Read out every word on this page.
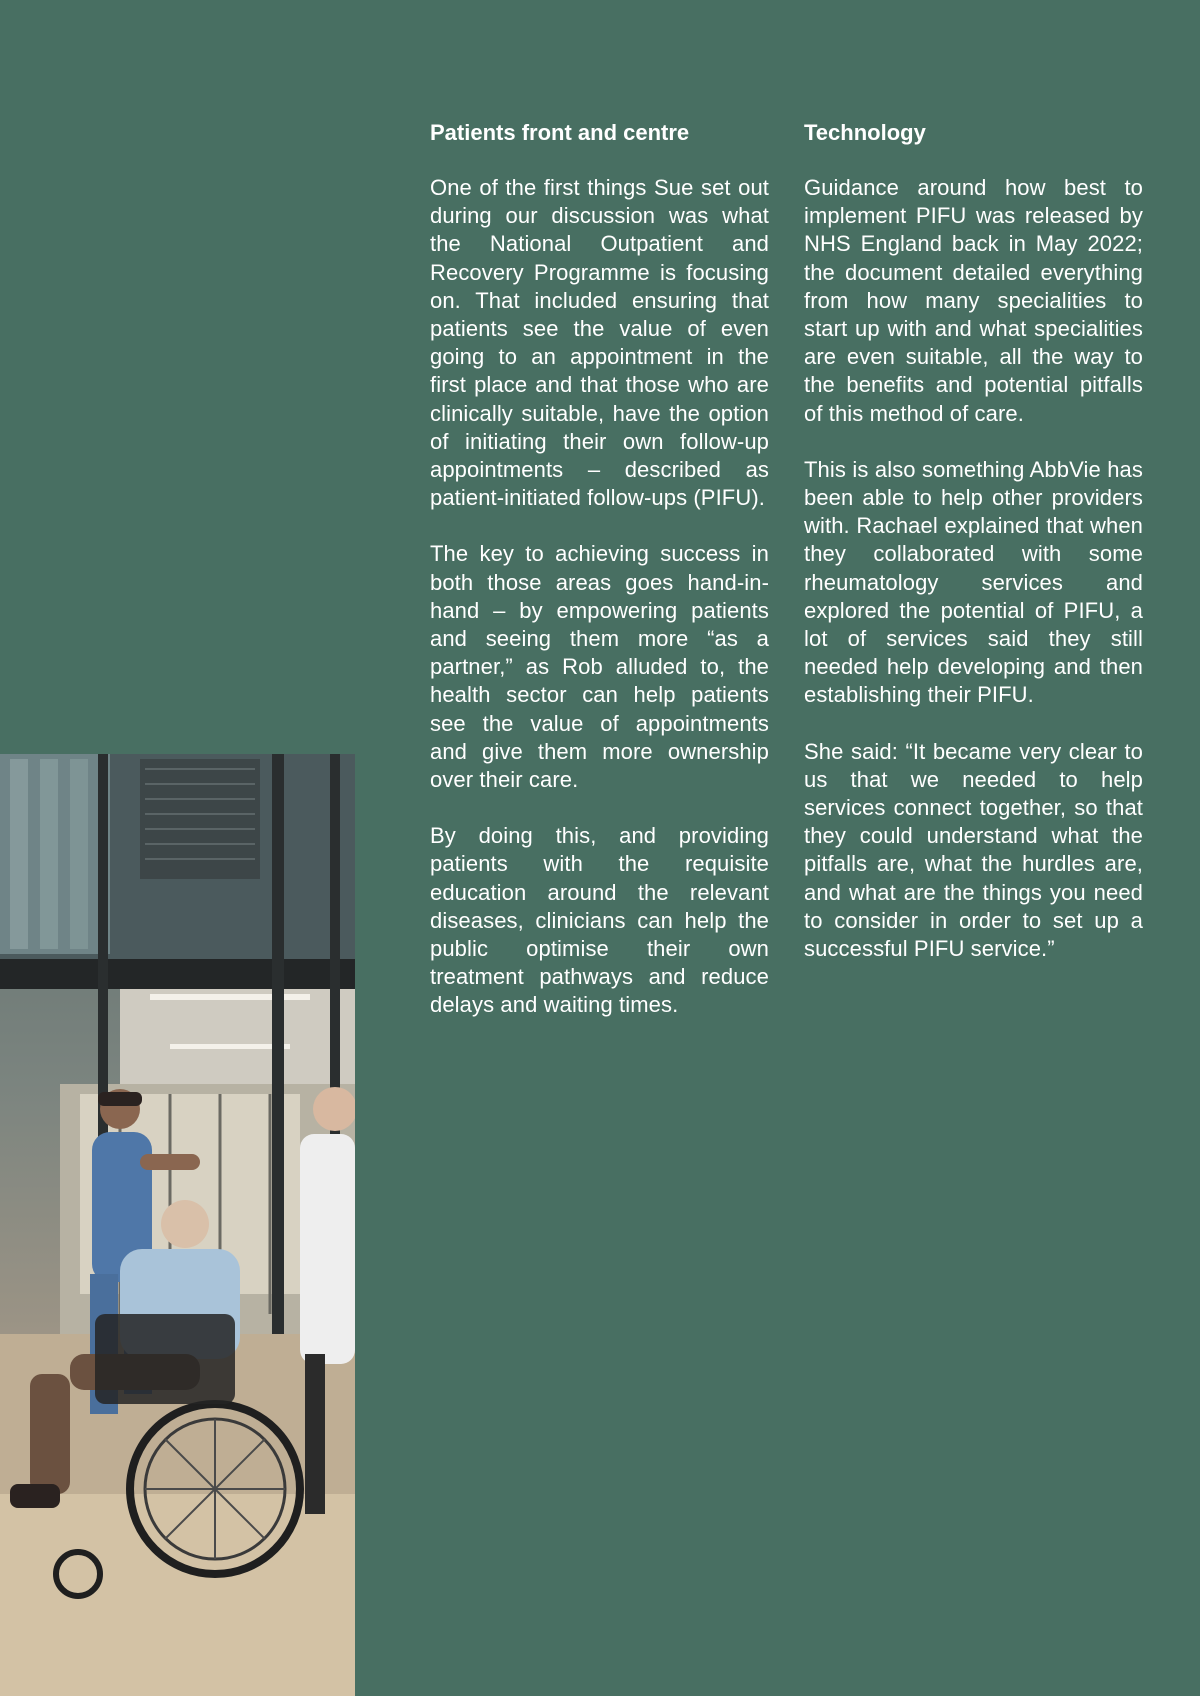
Patients front and centre

One of the first things Sue set out during our discussion was what the National Outpatient and Recovery Programme is focusing on. That included ensuring that patients see the value of even going to an appointment in the first place and that those who are clinically suitable, have the option of initiating their own follow-up appointments – described as patient-initiated follow-ups (PIFU).

The key to achieving success in both those areas goes hand-in-hand – by empowering patients and seeing them more “as a partner,” as Rob alluded to, the health sector can help patients see the value of appointments and give them more ownership over their care.

By doing this, and providing patients with the requisite education around the relevant diseases, clinicians can help the public optimise their own treatment pathways and reduce delays and waiting times.

Technology

Guidance around how best to implement PIFU was released by NHS England back in May 2022; the document detailed everything from how many specialities to start up with and what specialities are even suitable, all the way to the benefits and potential pitfalls of this method of care.

This is also something AbbVie has been able to help other providers with. Rachael explained that when they collaborated with some rheumatology services and explored the potential of PIFU, a lot of services said they still needed help developing and then establishing their PIFU.

She said: “It became very clear to us that we needed to help services connect together, so that they could understand what the pitfalls are, what the hurdles are, and what are the things you need to consider in order to set up a successful PIFU service.”
